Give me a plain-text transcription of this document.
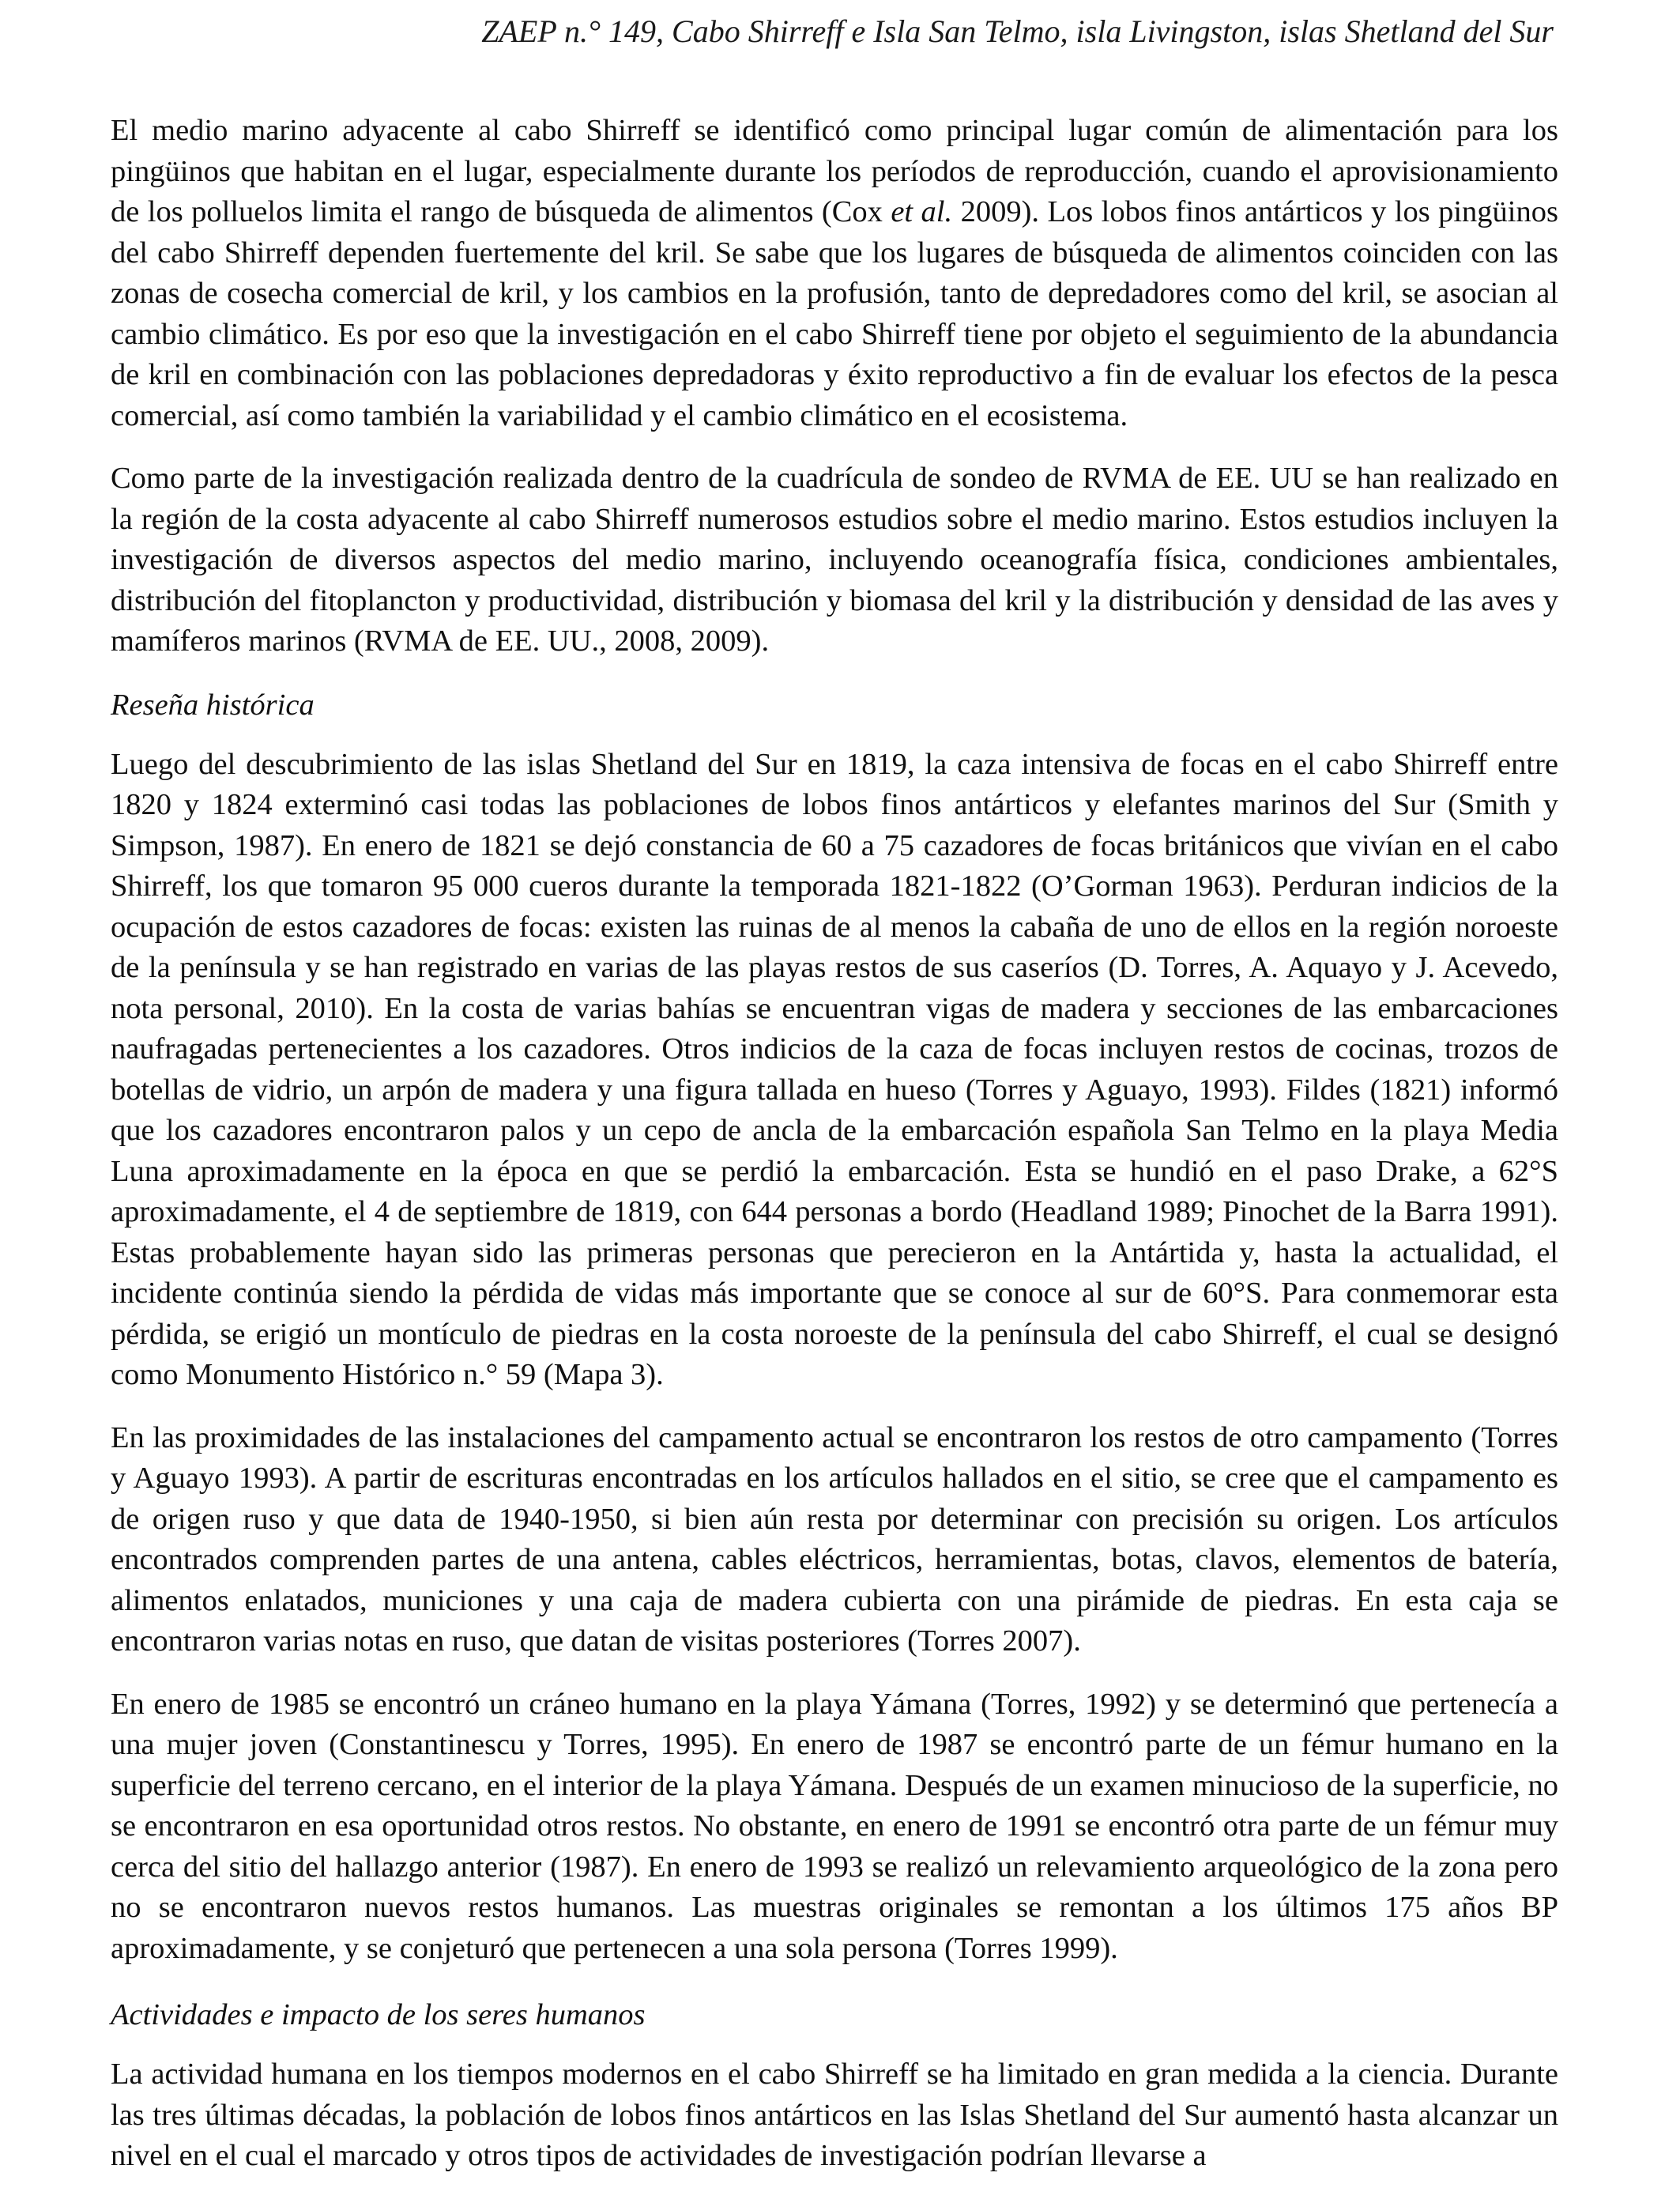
ZAEP n.° 149, Cabo Shirreff e Isla San Telmo, isla Livingston, islas Shetland del Sur

El medio marino adyacente al cabo Shirreff se identificó como principal lugar común de alimentación para los pingüinos que habitan en el lugar, especialmente durante los períodos de reproducción, cuando el aprovisionamiento de los polluelos limita el rango de búsqueda de alimentos (Cox et al. 2009). Los lobos finos antárticos y los pingüinos del cabo Shirreff dependen fuertemente del kril. Se sabe que los lugares de búsqueda de alimentos coinciden con las zonas de cosecha comercial de kril, y los cambios en la profusión, tanto de depredadores como del kril, se asocian al cambio climático. Es por eso que la investigación en el cabo Shirreff tiene por objeto el seguimiento de la abundancia de kril en combinación con las poblaciones depredadoras y éxito reproductivo a fin de evaluar los efectos de la pesca comercial, así como también la variabilidad y el cambio climático en el ecosistema.

Como parte de la investigación realizada dentro de la cuadrícula de sondeo de RVMA de EE. UU se han realizado en la región de la costa adyacente al cabo Shirreff numerosos estudios sobre el medio marino. Estos estudios incluyen la investigación de diversos aspectos del medio marino, incluyendo oceanografía física, condiciones ambientales, distribución del fitoplancton y productividad, distribución y biomasa del kril y la distribución y densidad de las aves y mamíferos marinos (RVMA de EE. UU., 2008, 2009).

Reseña histórica

Luego del descubrimiento de las islas Shetland del Sur en 1819, la caza intensiva de focas en el cabo Shirreff entre 1820 y 1824 exterminó casi todas las poblaciones de lobos finos antárticos y elefantes marinos del Sur (Smith y Simpson, 1987). En enero de 1821 se dejó constancia de 60 a 75 cazadores de focas británicos que vivían en el cabo Shirreff, los que tomaron 95 000 cueros durante la temporada 1821-1822 (O’Gorman 1963). Perduran indicios de la ocupación de estos cazadores de focas: existen las ruinas de al menos la cabaña de uno de ellos en la región noroeste de la península y se han registrado en varias de las playas restos de sus caseríos (D. Torres, A. Aquayo y J. Acevedo, nota personal, 2010). En la costa de varias bahías se encuentran vigas de madera y secciones de las embarcaciones naufragadas pertenecientes a los cazadores. Otros indicios de la caza de focas incluyen restos de cocinas, trozos de botellas de vidrio, un arpón de madera y una figura tallada en hueso (Torres y Aguayo, 1993). Fildes (1821) informó que los cazadores encontraron palos y un cepo de ancla de la embarcación española San Telmo en la playa Media Luna aproximadamente en la época en que se perdió la embarcación. Esta se hundió en el paso Drake, a 62°S aproximadamente, el 4 de septiembre de 1819, con 644 personas a bordo (Headland 1989; Pinochet de la Barra 1991). Estas probablemente hayan sido las primeras personas que perecieron en la Antártida y, hasta la actualidad, el incidente continúa siendo la pérdida de vidas más importante que se conoce al sur de 60°S. Para conmemorar esta pérdida, se erigió un montículo de piedras en la costa noroeste de la península del cabo Shirreff, el cual se designó como Monumento Histórico n.° 59 (Mapa 3).

En las proximidades de las instalaciones del campamento actual se encontraron los restos de otro campamento (Torres y Aguayo 1993). A partir de escrituras encontradas en los artículos hallados en el sitio, se cree que el campamento es de origen ruso y que data de 1940-1950, si bien aún resta por determinar con precisión su origen. Los artículos encontrados comprenden partes de una antena, cables eléctricos, herramientas, botas, clavos, elementos de batería, alimentos enlatados, municiones y una caja de madera cubierta con una pirámide de piedras. En esta caja se encontraron varias notas en ruso, que datan de visitas posteriores (Torres 2007).

En enero de 1985 se encontró un cráneo humano en la playa Yámana (Torres, 1992) y se determinó que pertenecía a una mujer joven (Constantinescu y Torres, 1995). En enero de 1987 se encontró parte de un fémur humano en la superficie del terreno cercano, en el interior de la playa Yámana. Después de un examen minucioso de la superficie, no se encontraron en esa oportunidad otros restos. No obstante, en enero de 1991 se encontró otra parte de un fémur muy cerca del sitio del hallazgo anterior (1987). En enero de 1993 se realizó un relevamiento arqueológico de la zona pero no se encontraron nuevos restos humanos. Las muestras originales se remontan a los últimos 175 años BP aproximadamente, y se conjeturó que pertenecen a una sola persona (Torres 1999).

Actividades e impacto de los seres humanos

La actividad humana en los tiempos modernos en el cabo Shirreff se ha limitado en gran medida a la ciencia. Durante las tres últimas décadas, la población de lobos finos antárticos en las Islas Shetland del Sur aumentó hasta alcanzar un nivel en el cual el marcado y otros tipos de actividades de investigación podrían llevarse a
